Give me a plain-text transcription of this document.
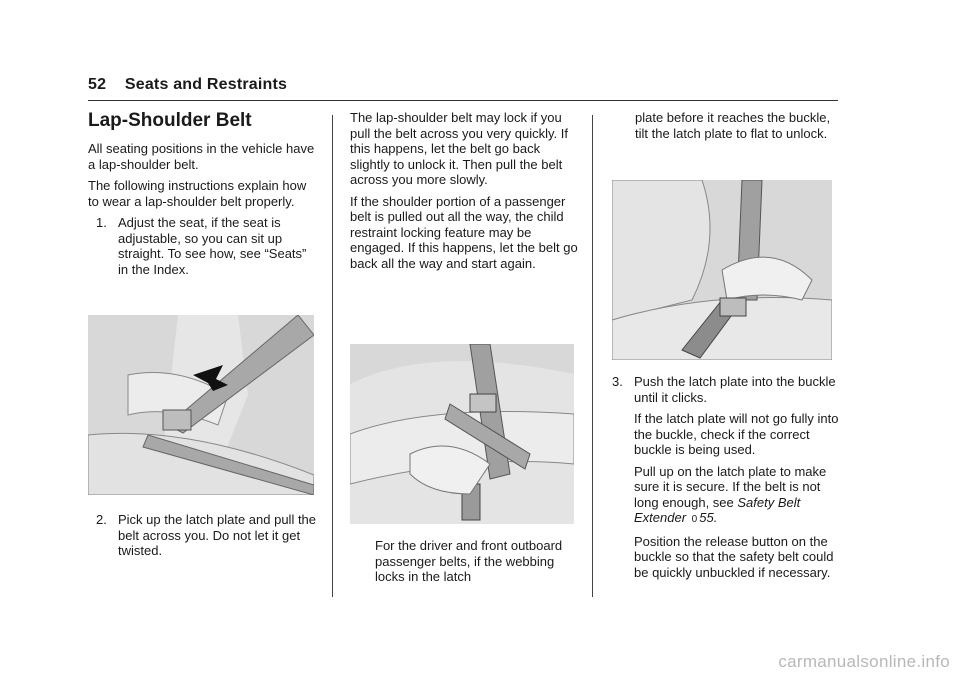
52 Seats and Restraints
Lap-Shoulder Belt

All seating positions in the vehicle have a lap-shoulder belt.

The following instructions explain how to wear a lap-shoulder belt properly.

1. Adjust the seat, if the seat is adjustable, so you can sit up straight. To see how, see “Seats” in the Index.
2. Pick up the latch plate and pull the belt across you. Do not let it get twisted.

The lap-shoulder belt may lock if you pull the belt across you very quickly. If this happens, let the belt go back slightly to unlock it. Then pull the belt across you more slowly.

If the shoulder portion of a passenger belt is pulled out all the way, the child restraint locking feature may be engaged. If this happens, let the belt go back all the way and start again.

For the driver and front outboard passenger belts, if the webbing locks in the latch

plate before it reaches the buckle, tilt the latch plate to flat to unlock.

3. Push the latch plate into the buckle until it clicks.

If the latch plate will not go fully into the buckle, check if the correct buckle is being used.

Pull up on the latch plate to make sure it is secure. If the belt is not long enough, see Safety Belt Extender 0 55.

Position the release button on the buckle so that the safety belt could be quickly unbuckled if necessary.

carmanualsonline.info
